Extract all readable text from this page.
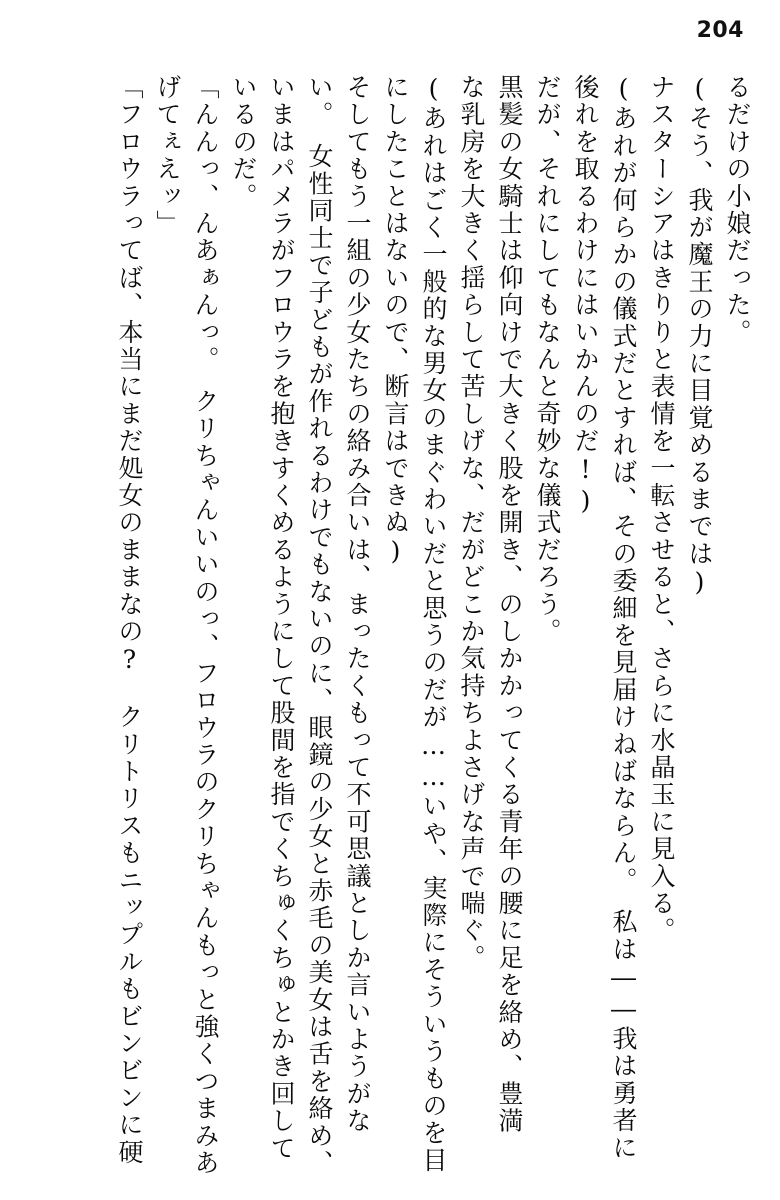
204
るだけの小娘だった。
(そう、我が魔王の力に目覚めるまでは)
ナスターシアはきりりと表情を一転させると、さらに水晶玉に見入る。
(あれが何らかの儀式だとすれば、その委細を見届けねばならん。　私は――我は勇者に
後れを取るわけにはいかんのだ!)
だが、それにしてもなんと奇妙な儀式だろう。
黒髪の女騎士は仰向けで大きく股を開き、のしかかってくる青年の腰に足を絡め、豊満
な乳房を大きく揺らして苦しげな、だがどこか気持ちよさげな声で喘ぐ。
(あれはごく一般的な男女のまぐわいだと思うのだが……いや、実際にそういうものを目
にしたことはないので、断言はできぬ)
そしてもう一組の少女たちの絡み合いは、まったくもって不可思議としか言いようがな
い。　女性同士で子どもが作れるわけでもないのに、眼鏡の少女と赤毛の美女は舌を絡め、
いまはパメラがフロウラを抱きすくめるようにして股間を指でくちゅくちゅとかき回して
いるのだ。
「んんっ、んあぁんっ。　クリちゃんいいのっ、フロウラのクリちゃんもっと強くつまみあ
げてぇえッ」
「フロウラってば、本当にまだ処女のままなの?　クリトリスもニップルもビンビンに硬
